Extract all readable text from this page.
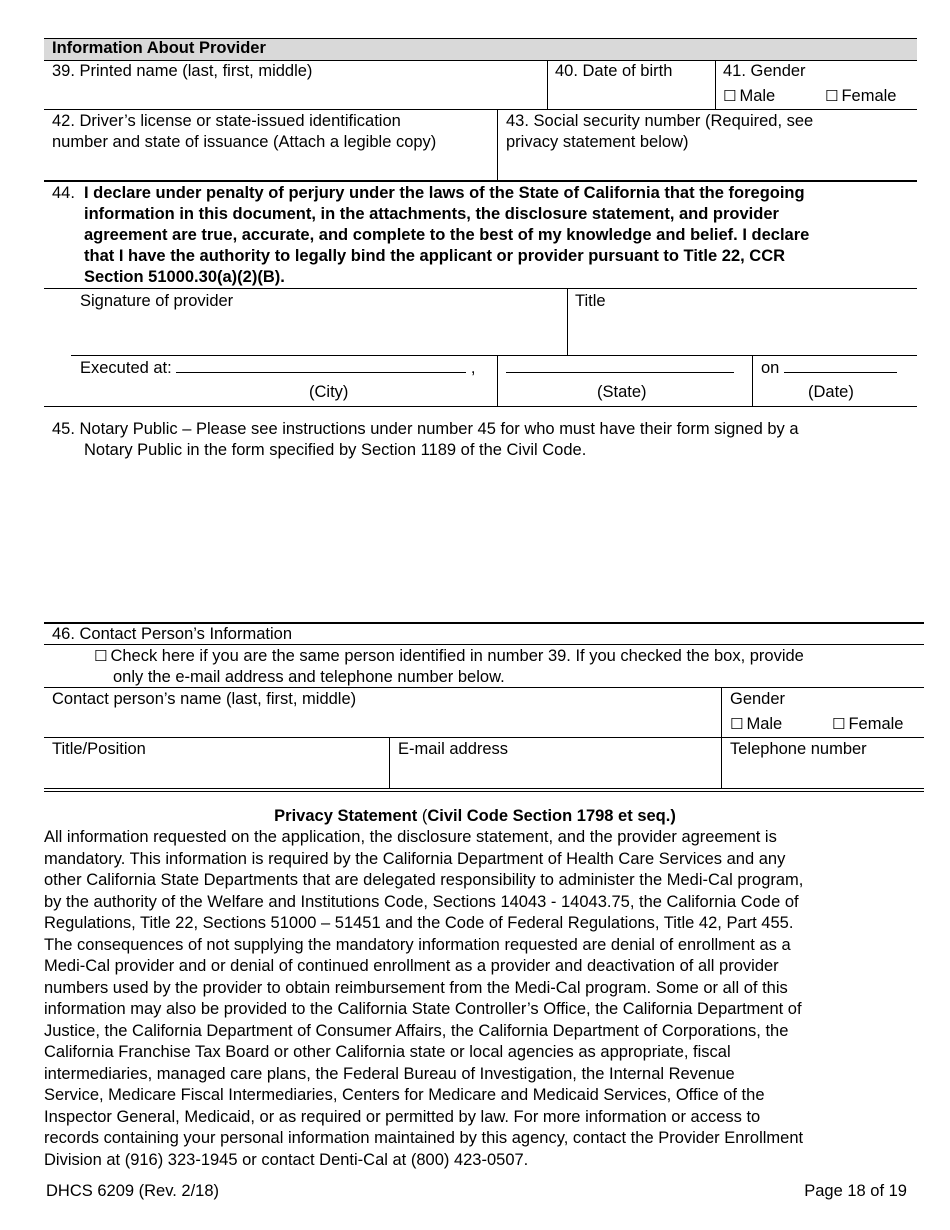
Information About Provider
39. Printed name (last, first, middle)	40. Date of birth	41. Gender
☐ Male	☐ Female
42. Driver’s license or state-issued identification
number and state of issuance (Attach a legible copy)
43. Social security number (Required, see
privacy statement below)
44. I declare under penalty of perjury under the laws of the State of California that the foregoing
information in this document, in the attachments, the disclosure statement, and provider
agreement are true, accurate, and complete to the best of my knowledge and belief. I declare
that I have the authority to legally bind the applicant or provider pursuant to Title 22, CCR
Section 51000.30(a)(2)(B).
Signature of provider	Title
Executed at:	,	on
(City)	(State)	(Date)
45. Notary Public – Please see instructions under number 45 for who must have their form signed by a
Notary Public in the form specified by Section 1189 of the Civil Code.
46. Contact Person’s Information
☐ Check here if you are the same person identified in number 39. If you checked the box, provide
only the e-mail address and telephone number below.
Contact person’s name (last, first, middle)	Gender
☐ Male	☐ Female
Title/Position	E-mail address	Telephone number
Privacy Statement (Civil Code Section 1798 et seq.)
All information requested on the application, the disclosure statement, and the provider agreement is
mandatory. This information is required by the California Department of Health Care Services and any
other California State Departments that are delegated responsibility to administer the Medi-Cal program,
by the authority of the Welfare and Institutions Code, Sections 14043 - 14043.75, the California Code of
Regulations, Title 22, Sections 51000 – 51451 and the Code of Federal Regulations, Title 42, Part 455.
The consequences of not supplying the mandatory information requested are denial of enrollment as a
Medi-Cal provider and or denial of continued enrollment as a provider and deactivation of all provider
numbers used by the provider to obtain reimbursement from the Medi-Cal program. Some or all of this
information may also be provided to the California State Controller’s Office, the California Department of
Justice, the California Department of Consumer Affairs, the California Department of Corporations, the
California Franchise Tax Board or other California state or local agencies as appropriate, fiscal
intermediaries, managed care plans, the Federal Bureau of Investigation, the Internal Revenue
Service, Medicare Fiscal Intermediaries, Centers for Medicare and Medicaid Services, Office of the
Inspector General, Medicaid, or as required or permitted by law. For more information or access to
records containing your personal information maintained by this agency, contact the Provider Enrollment
Division at (916) 323-1945 or contact Denti-Cal at (800) 423-0507.
DHCS 6209 (Rev. 2/18)	Page 18 of 19
